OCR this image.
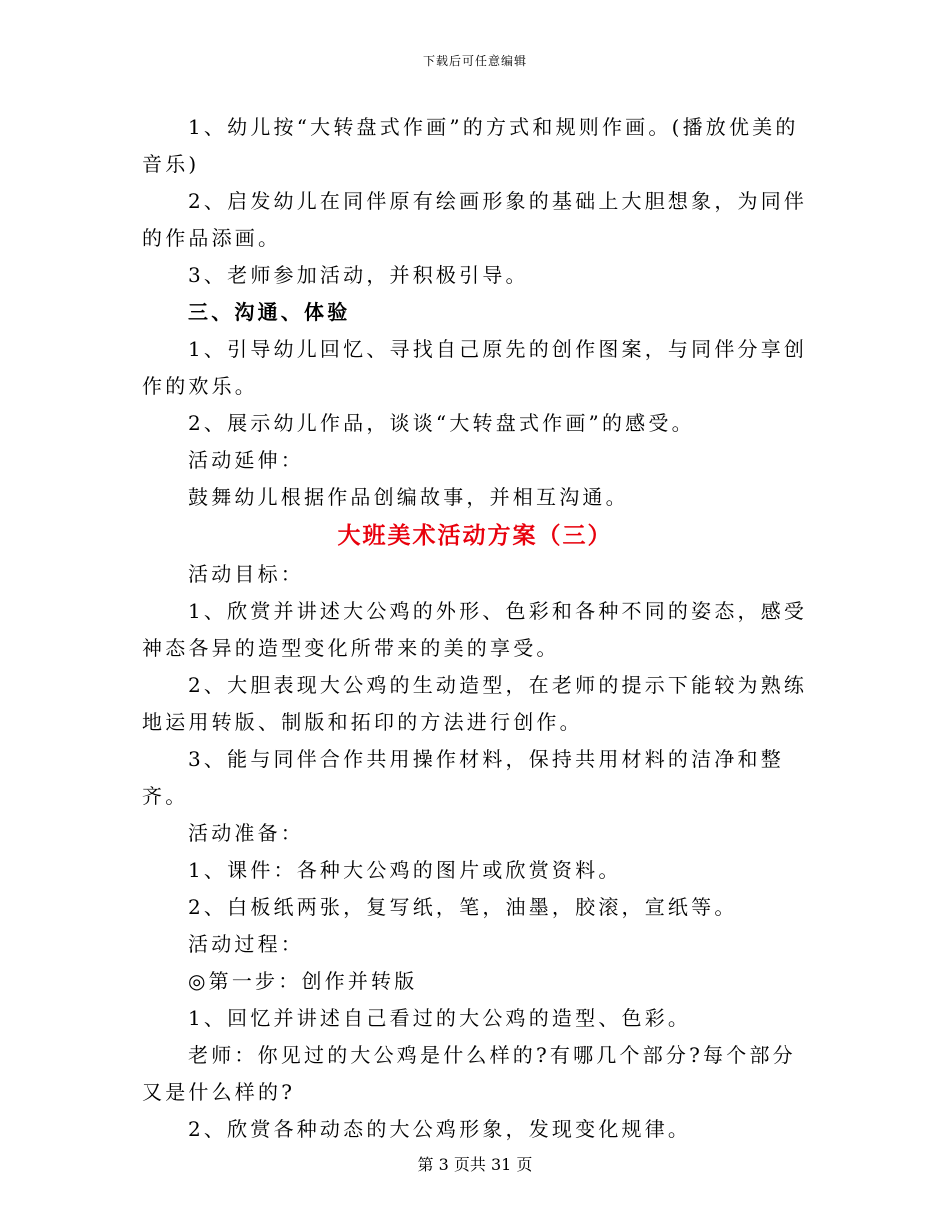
下载后可任意编辑

1、幼儿按“大转盘式作画”的方式和规则作画。(播放优美的音乐)

2、启发幼儿在同伴原有绘画形象的基础上大胆想象，为同伴的作品添画。

3、老师参加活动，并积极引导。

三、沟通、体验

1、引导幼儿回忆、寻找自己原先的创作图案，与同伴分享创作的欢乐。

2、展示幼儿作品，谈谈“大转盘式作画”的感受。

活动延伸：

鼓舞幼儿根据作品创编故事，并相互沟通。

大班美术活动方案（三）

活动目标：

1、欣赏并讲述大公鸡的外形、色彩和各种不同的姿态，感受神态各异的造型变化所带来的美的享受。

2、大胆表现大公鸡的生动造型，在老师的提示下能较为熟练地运用转版、制版和拓印的方法进行创作。

3、能与同伴合作共用操作材料，保持共用材料的洁净和整齐。

活动准备：

1、课件：各种大公鸡的图片或欣赏资料。

2、白板纸两张，复写纸，笔，油墨，胶滚，宣纸等。

活动过程：

◎第一步：创作并转版

1、回忆并讲述自己看过的大公鸡的造型、色彩。

老师：你见过的大公鸡是什么样的?有哪几个部分?每个部分又是什么样的?

2、欣赏各种动态的大公鸡形象，发现变化规律。

第 3 页共 31 页
